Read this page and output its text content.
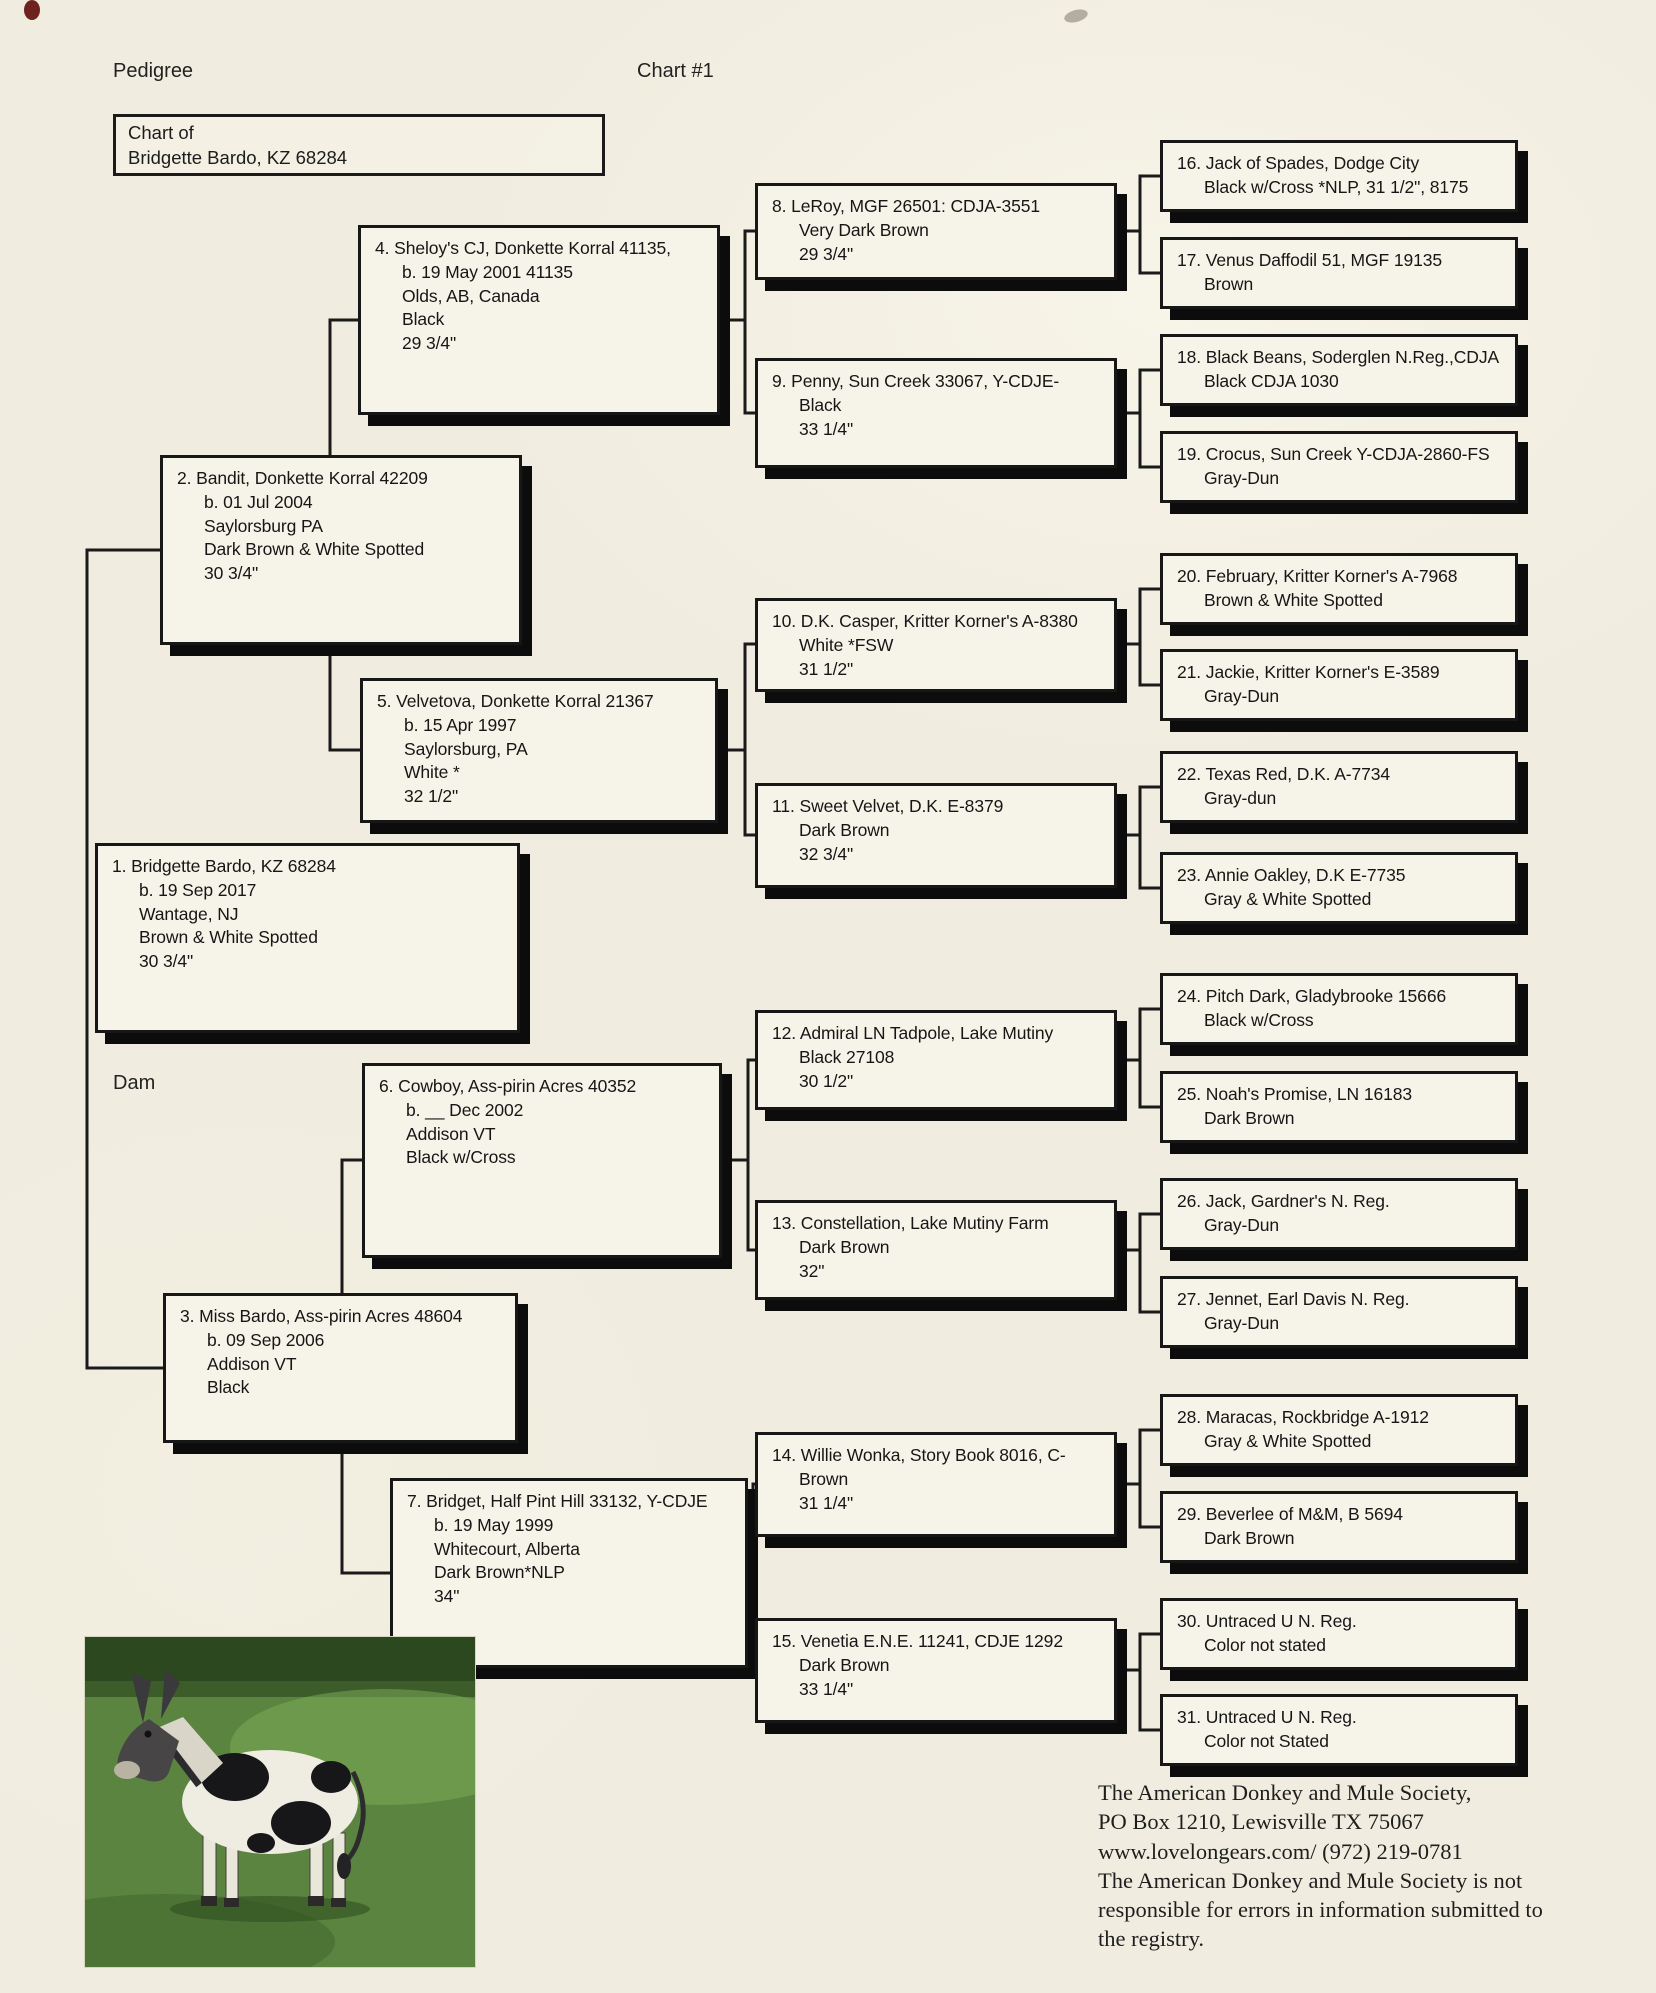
Pedigree	Chart #1
Chart of
Bridgette Bardo, KZ 68284
Dam
1. Bridgette Bardo, KZ 68284
b. 19 Sep 2017
Wantage, NJ
Brown & White Spotted
30 3/4"
2. Bandit, Donkette Korral 42209
b. 01 Jul 2004
Saylorsburg PA
Dark Brown & White Spotted
30 3/4"
3. Miss Bardo, Ass-pirin Acres 48604
b. 09 Sep 2006
Addison VT
Black
4. Sheloy's CJ, Donkette Korral 41135,
b. 19 May 2001 41135
Olds, AB, Canada
Black
29 3/4"
5. Velvetova, Donkette Korral 21367
b. 15 Apr 1997
Saylorsburg, PA
White *
32 1/2"
6. Cowboy, Ass-pirin Acres 40352
b. __ Dec 2002
Addison VT
Black w/Cross
7. Bridget, Half Pint Hill 33132, Y-CDJE
b. 19 May 1999
Whitecourt, Alberta
Dark Brown*NLP
34"
8. LeRoy, MGF 26501: CDJA-3551
Very Dark Brown
29 3/4"
9. Penny, Sun Creek 33067, Y-CDJE-
Black
33 1/4"
10. D.K. Casper, Kritter Korner's A-8380
White *FSW
31 1/2"
11. Sweet Velvet, D.K. E-8379
Dark Brown
32 3/4"
12. Admiral LN Tadpole, Lake Mutiny
Black 27108
30 1/2"
13. Constellation, Lake Mutiny Farm
Dark Brown
32"
14. Willie Wonka, Story Book 8016, C-
Brown
31 1/4"
15. Venetia E.N.E. 11241, CDJE 1292
Dark Brown
33 1/4"
16. Jack of Spades, Dodge City
Black w/Cross *NLP, 31 1/2", 8175
17. Venus Daffodil 51, MGF 19135
Brown
18. Black Beans, Soderglen N.Reg.,CDJA
Black CDJA 1030
19. Crocus, Sun Creek Y-CDJA-2860-FS
Gray-Dun
20. February, Kritter Korner's A-7968
Brown & White Spotted
21. Jackie, Kritter Korner's E-3589
Gray-Dun
22. Texas Red, D.K. A-7734
Gray-dun
23. Annie Oakley, D.K E-7735
Gray & White Spotted
24. Pitch Dark, Gladybrooke 15666
Black w/Cross
25. Noah's Promise, LN 16183
Dark Brown
26. Jack, Gardner's N. Reg.
Gray-Dun
27. Jennet, Earl Davis N. Reg.
Gray-Dun
28. Maracas, Rockbridge A-1912
Gray & White Spotted
29. Beverlee of M&M, B 5694
Dark Brown
30. Untraced U N. Reg.
Color not stated
31. Untraced U N. Reg.
Color not Stated
The American Donkey and Mule Society,
PO Box 1210, Lewisville TX 75067
www.lovelongears.com/ (972) 219-0781
The American Donkey and Mule Society is not
responsible for errors in information submitted to
the registry.
